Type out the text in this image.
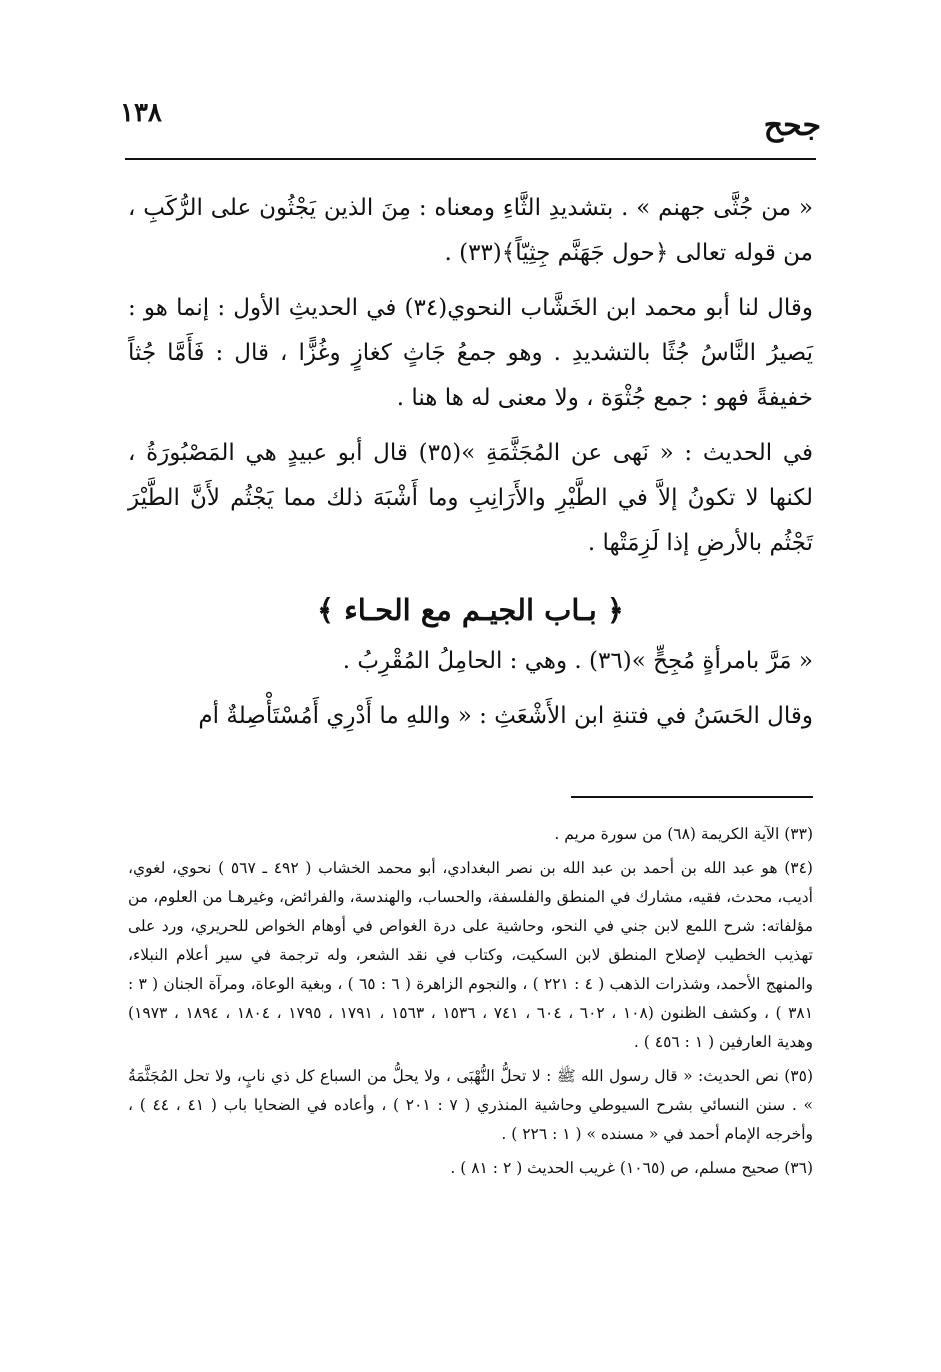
١٣٨	جحح

« من جُثَّى جهنم » . بتشديدِ الثَّاءِ ومعناه : مِنَ الذين يَجْثُون على الرُّكَبِ ، من قوله تعالى ﴿حول جَهَنَّم جِثِيّاً﴾(٣٣) .

وقال لنا أبو محمد ابن الخَشَّاب النحوي(٣٤) في الحديثِ الأول : إنما هو : يَصيرُ النَّاسُ جُثًا بالتشديدِ . وهو جمعُ جَاثٍ كغازٍ وغُزًّا ، قال : فَأَمَّا جُثاً خفيفةً فهو : جمع جُثْوَة ، ولا معنى له ها هنا .

في الحديث : « نَهى عن المُجَثَّمَةِ »(٣٥) قال أبو عبيدٍ هي المَصْبُورَةُ ، لكنها لا تكونُ إلاَّ في الطَّيْرِ والأَرَانِبِ وما أَشْبَهَ ذلك مما يَجْثُم لأَنَّ الطَّيْرَ تَجْثُم بالأرضِ إذا لَزِمَتْها .

﴿ بـاب الجيـم مع الحـاء ﴾

« مَرَّ بامرأةٍ مُجِحٍّ »(٣٦) . وهي : الحامِلُ المُقْرِبُ .

وقال الحَسَنُ في فتنةِ ابن الأَشْعَثِ : « واللهِ ما أَدْرِي أَمُسْتَأْصِلةٌ أم

(٣٣) الآية الكريمة (٦٨) من سورة مريم .

(٣٤) هو عبد الله بن أحمد بن عبد الله بن نصر البغدادي، أبو محمد الخشاب ( ٤٩٢ ـ ٥٦٧ ) نحوي، لغوي، أديب، محدث، فقيه، مشارك في المنطق والفلسفة، والحساب، والهندسة، والفرائض، وغيرهـا من العلوم، من مؤلفاته: شرح اللمع لابن جني في النحو، وحاشية على درة الغواص في أوهام الخواص للحريري، ورد على تهذيب الخطيب لإصلاح المنطق لابن السكيت، وكتاب في نقد الشعر، وله ترجمة في سير أعلام النبلاء، والمنهج الأحمد، وشذرات الذهب ( ٤ : ٢٢١ ) ، والنجوم الزاهرة ( ٦ : ٦٥ ) ، وبغية الوعاة، ومرآة الجنان ( ٣ : ٣٨١ ) ، وكشف الظنون (١٠٨ ، ٦٠٢ ، ٦٠٤ ، ٧٤١ ، ١٥٣٦ ، ١٥٦٣ ، ١٧٩١ ، ١٧٩٥ ، ١٨٠٤ ، ١٨٩٤ ، ١٩٧٣) وهدية العارفين ( ١ : ٤٥٦ ) .

(٣٥) نص الحديث: « قال رسول الله ﷺ : لا تحلُّ النُّهْبَى ، ولا يحلُّ من السباع كل ذي نابٍ، ولا تحل المُجَثَّمَةُ » . سنن النسائي بشرح السيوطي وحاشية المنذري ( ٧ : ٢٠١ ) ، وأعاده في الضحايا باب ( ٤١ ، ٤٤ ) ، وأخرجه الإمام أحمد في « مسنده » ( ١ : ٢٢٦ ) .

(٣٦) صحيح مسلم، ص (١٠٦٥) غريب الحديث ( ٢ : ٨١ ) .
